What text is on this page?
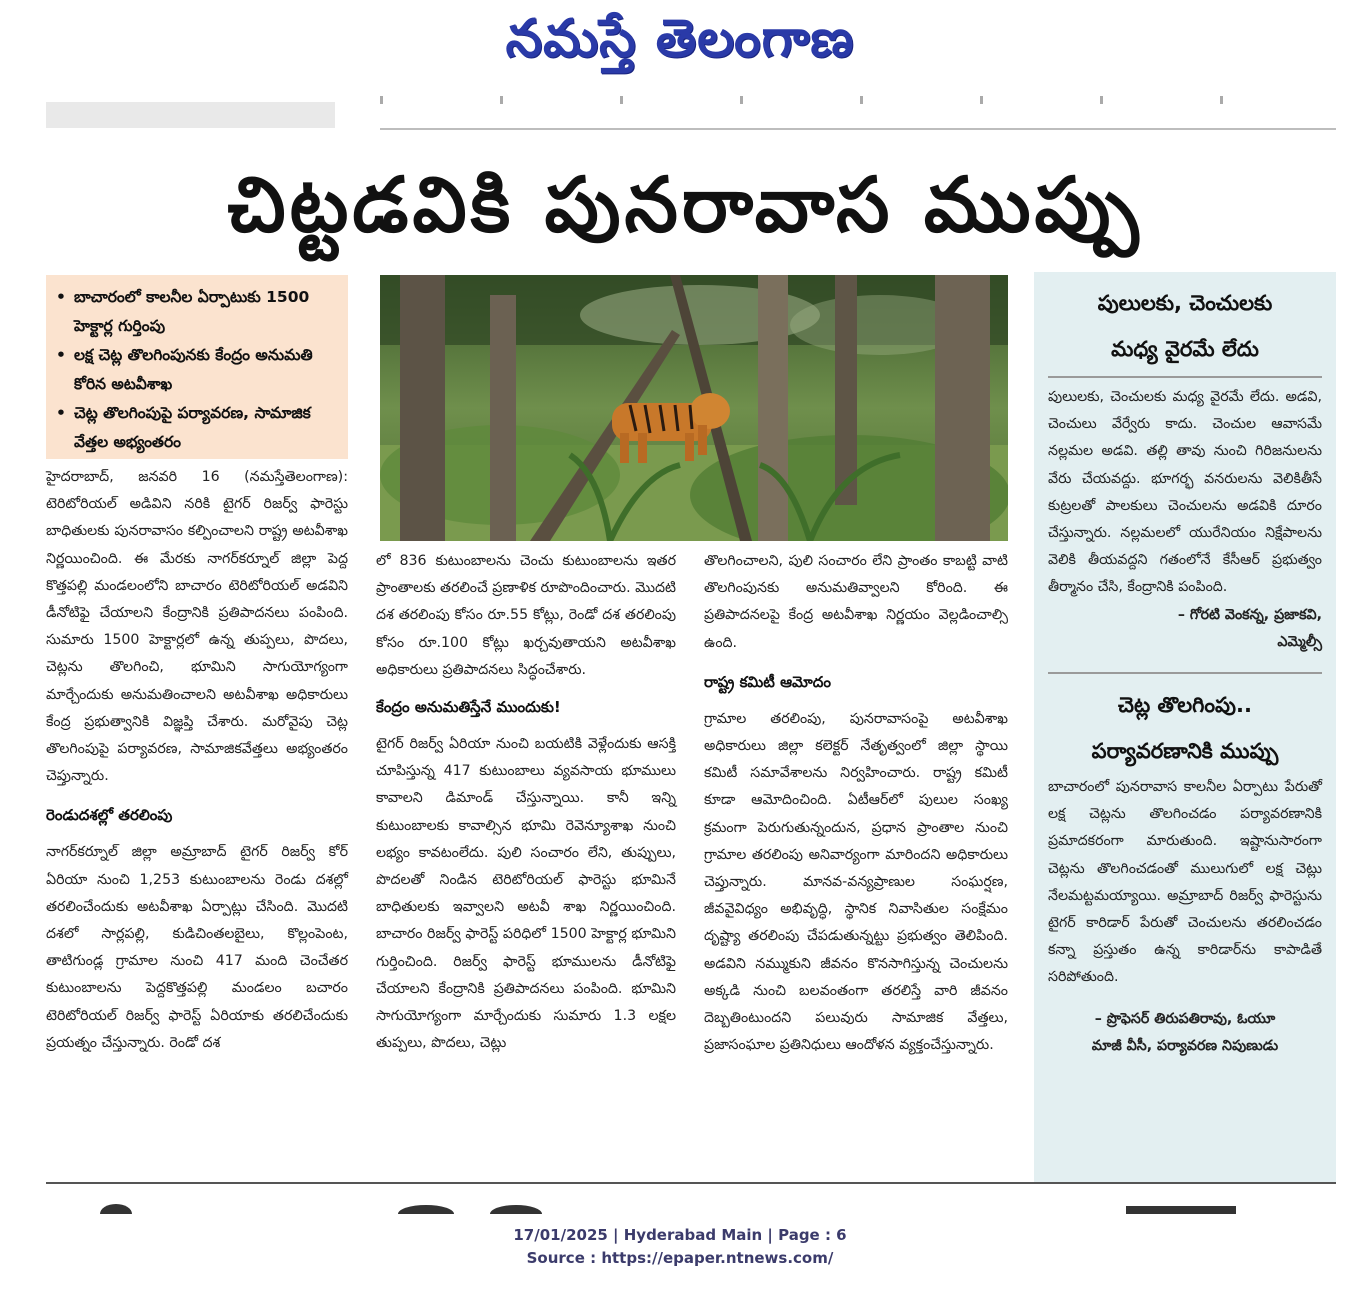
నమస్తే తెలంగాణ
చిట్టడవికి పునరావాస ముప్పు
• బాచారంలో కాలనీల ఏర్పాటుకు 1500 హెక్టార్ల గుర్తింపు
• లక్ష చెట్ల తొలగింపునకు కేంద్రం అనుమతి కోరిన అటవీశాఖ
• చెట్ల తొలగింపుపై పర్యావరణ, సామాజిక వేత్తల అభ్యంతరం
హైదరాబాద్, జనవరి 16 (నమస్తేతెలంగాణ): టెరిటోరియల్ అడివిని నరికి టైగర్ రిజర్వ్ ఫారెస్టు బాధితులకు పునరావాసం కల్పించాలని రాష్ట్ర అటవీశాఖ నిర్ణయించింది. ఈ మేరకు నాగర్‌కర్నూల్ జిల్లా పెద్ద కొత్తపల్లి మండలంలోని బాచారం టెరిటోరియల్ అడవిని డీనోటిఫై చేయాలని కేంద్రానికి ప్రతిపాదనలు పంపింది. సుమారు 1500 హెక్టార్లలో ఉన్న తుప్పలు, పొదలు, చెట్లను తొలగించి, భూమిని సాగుయోగ్యంగా మార్చేందుకు అనుమతించాలని అటవీశాఖ అధికారులు కేంద్ర ప్రభుత్వానికి విజ్ఞప్తి చేశారు. మరోవైపు చెట్ల తొలగింపుపై పర్యావరణ, సామాజికవేత్తలు అభ్యంతరం చెప్తున్నారు.
రెండుదశల్లో తరలింపు
నాగర్‌కర్నూల్ జిల్లా అమ్రాబాద్ టైగర్ రిజర్వ్ కోర్ ఏరియా నుంచి 1,253 కుటుంబాలను రెండు దశల్లో తరలించేందుకు అటవీశాఖ ఏర్పాట్లు చేసింది. మొదటి దశలో సార్లపల్లి, కుడిచింతలబైలు, కొల్లంపెంట, తాటిగుండ్ల గ్రామాల నుంచి 417 మంది చెంచేతర కుటుంబాలను పెద్దకొత్తపల్లి మండలం బచారం టెరిటోరియల్ రిజర్వ్ ఫారెస్ట్ ఏరియాకు తరలిచేందుకు ప్రయత్నం చేస్తున్నారు. రెండో దశ
లో 836 కుటుంబాలను చెంచు కుటుంబాలను ఇతర ప్రాంతాలకు తరలించే ప్రణాళిక రూపొందించారు. మొదటి దశ తరలింపు కోసం రూ.55 కోట్లు, రెండో దశ తరలింపు కోసం రూ.100 కోట్లు ఖర్చవుతాయని అటవీశాఖ అధికారులు ప్రతిపాదనలు సిద్ధంచేశారు.
కేంద్రం అనుమతిస్తేనే ముందుకు!
టైగర్ రిజర్వ్ ఏరియా నుంచి బయటికి వెళ్లేందుకు ఆసక్తి చూపిస్తున్న 417 కుటుంబాలు వ్యవసాయ భూములు కావాలని డిమాండ్ చేస్తున్నాయి. కానీ ఇన్ని కుటుంబాలకు కావాల్సిన భూమి రెవెన్యూశాఖ నుంచి లభ్యం కావటంలేదు. పులి సంచారం లేని, తుప్పులు, పొదలతో నిండిన టెరిటోరియల్ ఫారెస్టు భూమినే బాధితులకు ఇవ్వాలని అటవీ శాఖ నిర్ణయించింది. బాచారం రిజర్వ్ ఫారెస్ట్ పరిధిలో 1500 హెక్టార్ల భూమిని గుర్తించింది. రిజర్వ్ ఫారెస్ట్ భూములను డీనోటిఫై చేయాలని కేంద్రానికి ప్రతిపాదనలు పంపింది. భూమిని సాగుయోగ్యంగా మార్చేందుకు సుమారు 1.3 లక్షల తుప్పలు, పొదలు, చెట్లు
తొలగించాలని, పులి సంచారం లేని ప్రాంతం కాబట్టి వాటి తొలగింపునకు అనుమతివ్వాలని కోరింది. ఈ ప్రతిపాదనలపై కేంద్ర అటవీశాఖ నిర్ణయం వెల్లడించాల్సి ఉంది.
రాష్ట్ర కమిటీ ఆమోదం
గ్రామాల తరలింపు, పునరావాసంపై అటవీశాఖ అధికారులు జిల్లా కలెక్టర్ నేతృత్వంలో జిల్లా స్థాయి కమిటీ సమావేశాలను నిర్వహించారు. రాష్ట్ర కమిటీ కూడా ఆమోదించింది. ఏటీఆర్‌లో పులుల సంఖ్య క్రమంగా పెరుగుతున్నందున, ప్రధాన ప్రాంతాల నుంచి గ్రామాల తరలింపు అనివార్యంగా మారిందని అధికారులు చెప్తున్నారు. మానవ-వన్యప్రాణుల సంఘర్షణ, జీవవైవిధ్యం అభివృద్ధి, స్థానిక నివాసితుల సంక్షేమం దృష్ట్యా తరలింపు చేపడుతున్నట్టు ప్రభుత్వం తెలిపింది. అడవిని నమ్ముకుని జీవనం కొనసాగిస్తున్న చెంచులను అక్కడి నుంచి బలవంతంగా తరలిస్తే వారి జీవనం దెబ్బతింటుందని పలువురు సామాజిక వేత్తలు, ప్రజాసంఘాల ప్రతినిధులు ఆందోళన వ్యక్తంచేస్తున్నారు.
పులులకు, చెంచులకు
మధ్య వైరమే లేదు
పులులకు, చెంచులకు మధ్య వైరమే లేదు. అడవి, చెంచులు వేర్వేరు కాదు. చెంచుల ఆవాసమే నల్లమల అడవి. తల్లి తావు నుంచి గిరిజనులను వేరు చేయవద్దు. భూగర్భ వనరులను వెలికితీసే కుట్రలతో పాలకులు చెంచులను అడవికి దూరం చేస్తున్నారు. నల్లమలలో యురేనియం నిక్షేపాలను వెలికి తీయవద్దని గతంలోనే కేసీఆర్ ప్రభుత్వం తీర్మానం చేసి, కేంద్రానికి పంపింది.
– గోరటి వెంకన్న, ప్రజాకవి,
ఎమ్మెల్సీ
చెట్ల తొలగింపు..
పర్యావరణానికి ముప్పు
బాచారంలో పునరావాస కాలనీల ఏర్పాటు పేరుతో లక్ష చెట్లను తొలగించడం పర్యావరణానికి ప్రమాదకరంగా మారుతుంది. ఇష్టానుసారంగా చెట్లను తొలగించడంతో ములుగులో లక్ష చెట్లు నేలమట్టమయ్యాయి. అమ్రాబాద్ రిజర్వ్ ఫారెస్టును టైగర్ కారిడార్ పేరుతో చెంచులను తరలించడం కన్నా ప్రస్తుతం ఉన్న కారిడార్‌ను కాపాడితే సరిపోతుంది.
– ప్రొఫెసర్ తిరుపతిరావు, ఓయూ
మాజీ వీసీ, పర్యావరణ నిపుణుడు
17/01/2025 | Hyderabad Main | Page : 6
Source : https://epaper.ntnews.com/
